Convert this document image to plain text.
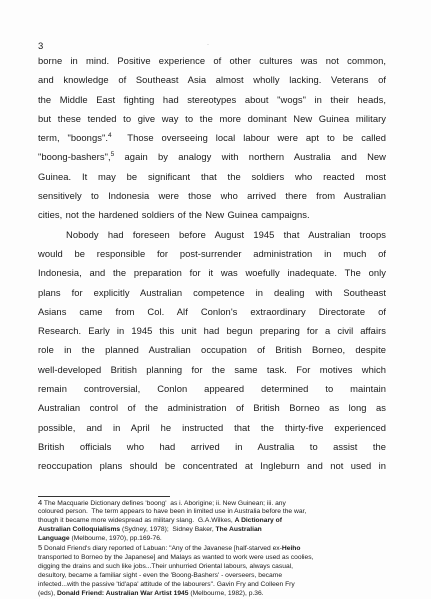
3	·
borne in mind. Positive experience of other cultures was not common,
and knowledge of Southeast Asia almost wholly lacking. Veterans of
the Middle East fighting had stereotypes about "wogs" in their heads,
but these tended to give way to the more dominant New Guinea military
term, "boongs".$^4$  Those overseeing local labour were apt to be called
"boong-bashers",$^5$ again by analogy with northern Australia and New
Guinea. It may be significant that the soldiers who reacted most
sensitively to Indonesia were those who arrived there from Australian
cities, not the hardened soldiers of the New Guinea campaigns.
Nobody had foreseen before August 1945 that Australian troops
would be responsible for post-surrender administration in much of
Indonesia, and the preparation for it was woefully inadequate. The only
plans for explicitly Australian competence in dealing with Southeast
Asians came from Col. Alf Conlon's extraordinary Directorate of
Research. Early in 1945 this unit had begun preparing for a civil affairs
role in the planned Australian occupation of British Borneo, despite
well-developed British planning for the same task. For motives which
remain controversial, Conlon appeared determined to maintain
Australian control of the administration of British Borneo as long as
possible, and in April he instructed that the thirty-five experienced
British officials who had arrived in Australia to assist the
reoccupation plans should be concentrated at Ingleburn and not used in
4 The Macquarie Dictionary defines 'boong'  as i. Aborigine; ii. New Guinean; iii. any
coloured person.  The term appears to have been in limited use in Australia before the war,
though it became more widespread as military slang.  G.A.Wilkes, A Dictionary of
Australian Colloquialisms (Sydney, 1978);  Sidney Baker, The Australian
Language (Melbourne, 1970), pp.169-76.
5 Donald Friend's diary reported of Labuan: "Any of the Javanese [half-starved ex-Heiho
transported to Borneo by the Japanese] and Malays as wanted to work were used as coolies,
digging the drains and such like jobs...Their unhurried Oriental labours, always casual,
desultory, became a familiar sight - even the 'Boong-Bashers' - overseers, became
infected...with the passive 'tid'apa' attitude of the labourers". Gavin Fry and Colleen Fry
(eds), Donald Friend: Australian War Artist 1945 (Melbourne, 1982), p.36.
